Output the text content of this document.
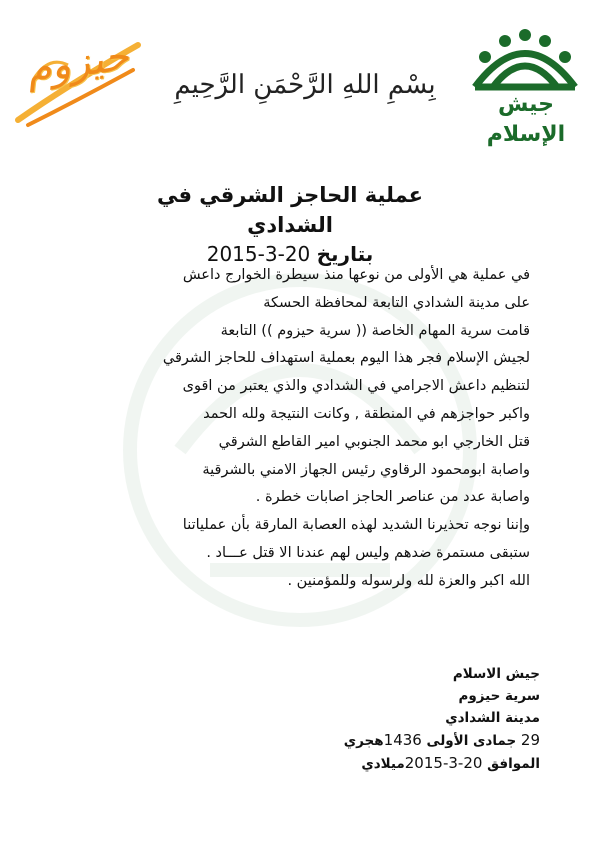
حيزوم	بِسْمِ اللهِ الرَّحْمَنِ الرَّحِيمِ
جيش الإسلام

عملية الحاجز الشرقي في الشدادي

بتاريخ 20-3-2015

في عملية هي الأولى من نوعها منذ سيطرة الخوارج داعش

على مدينة الشدادي التابعة لمحافظة الحسكة

قامت سرية المهام الخاصة (( سرية حيزوم )) التابعة

لجيش الإسلام فجر هذا اليوم بعملية استهداف للحاجز الشرقي

لتنظيم داعش الاجرامي في الشدادي والذي يعتبر من اقوى

واكبر حواجزهم في المنطقة , وكانت النتيجة ولله الحمد

قتل الخارجي ابو محمد الجنوبي امير القاطع الشرقي

واصابة ابومحمود الرقاوي رئيس الجهاز الامني بالشرقية

واصابة عدد من عناصر الحاجز اصابات خطرة .

وإننا نوجه تحذيرنا الشديد لهذه العصابة المارقة بأن عملياتنا

ستبقى مستمرة ضدهم وليس لهم عندنا الا قتل عـــاد .

الله اكبر والعزة لله ولرسوله وللمؤمنين .

جيش الاسلام

سرية حيزوم

مدينة الشدادي

29 جمادى الأولى 1436هجري

الموافق 20-3-2015ميلادي
